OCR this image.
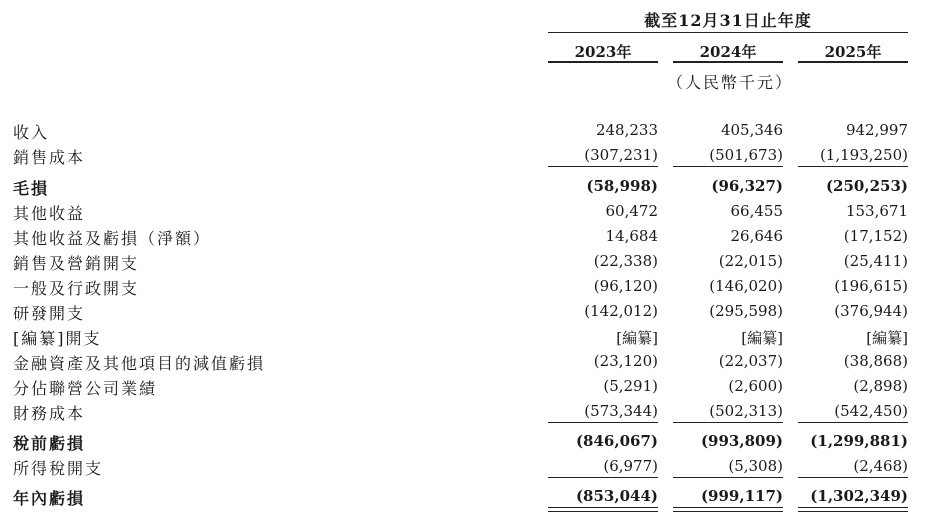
截至12月31日止年度
2023年	2024年	2025年
（人民幣千元）
收入	248,233	405,346	942,997
銷售成本	(307,231)	(501,673)	(1,193,250)
毛損	(58,998)	(96,327)	(250,253)
其他收益	60,472	66,455	153,671
其他收益及虧損（淨額）	14,684	26,646	(17,152)
銷售及營銷開支	(22,338)	(22,015)	(25,411)
一般及行政開支	(96,120)	(146,020)	(196,615)
研發開支	(142,012)	(295,598)	(376,944)
[編纂]開支	[編纂]	[編纂]	[編纂]
金融資產及其他項目的減值虧損	(23,120)	(22,037)	(38,868)
分佔聯營公司業績	(5,291)	(2,600)	(2,898)
財務成本	(573,344)	(502,313)	(542,450)
稅前虧損	(846,067)	(993,809)	(1,299,881)
所得稅開支	(6,977)	(5,308)	(2,468)
年內虧損	(853,044)	(999,117)	(1,302,349)
